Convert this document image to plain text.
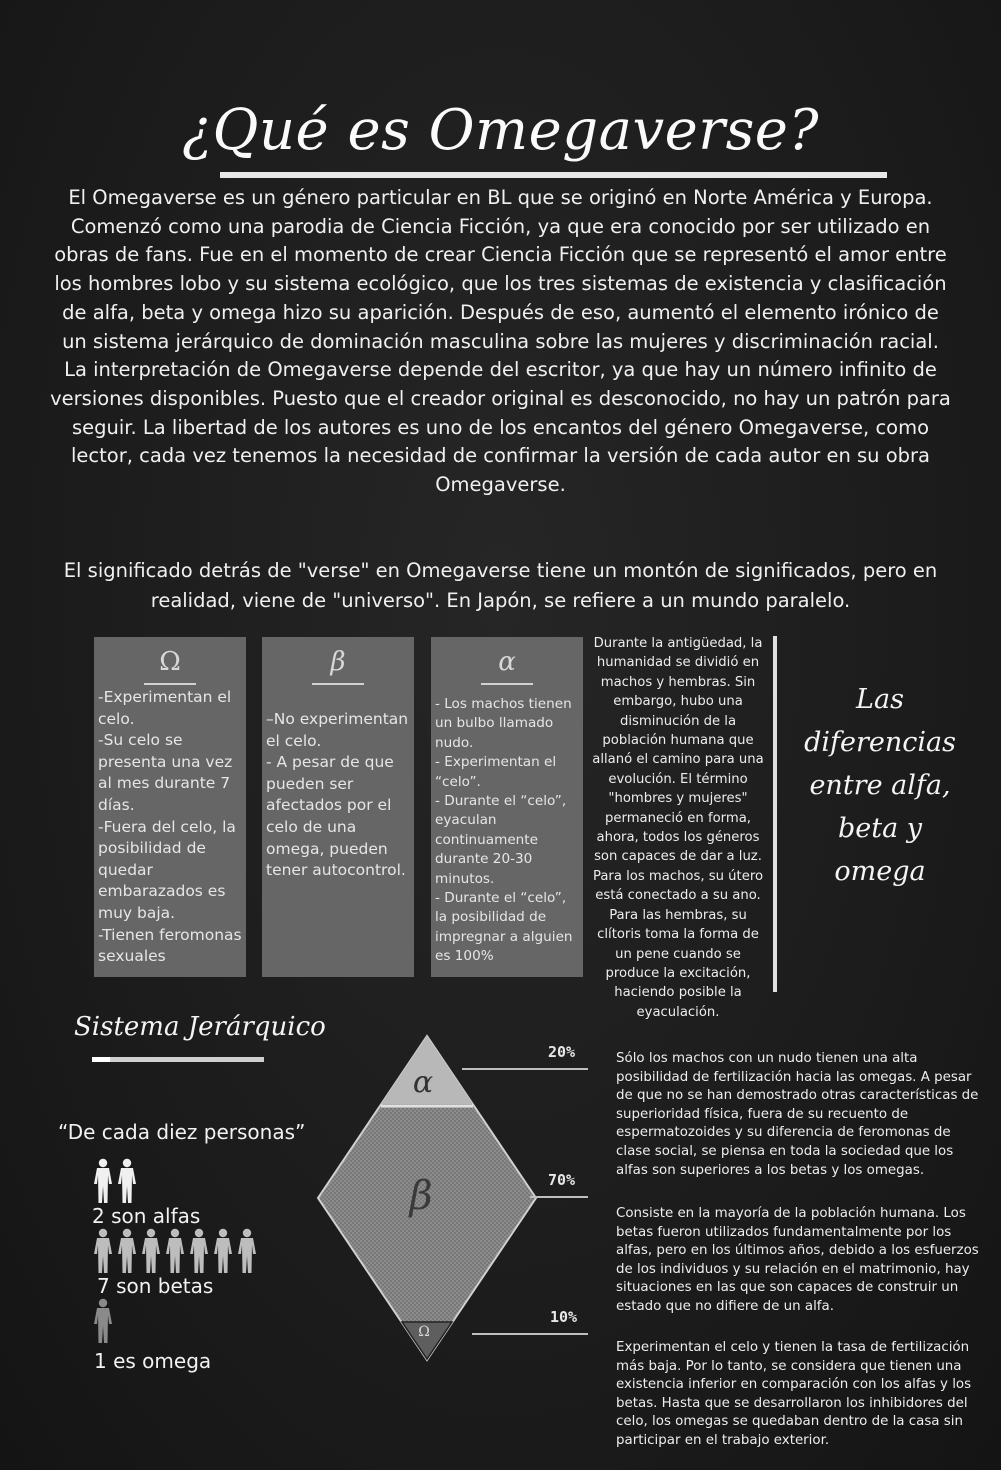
¿Qué es Omegaverse?
El Omegaverse es un género particular en BL que se originó en Norte América y Europa. Comenzó como una parodia de Ciencia Ficción, ya que era conocido por ser utilizado en obras de fans. Fue en el momento de crear Ciencia Ficción que se representó el amor entre los hombres lobo y su sistema ecológico, que los tres sistemas de existencia y clasificación de alfa, beta y omega hizo su aparición. Después de eso, aumentó el elemento irónico de un sistema jerárquico de dominación masculina sobre las mujeres y discriminación racial. La interpretación de Omegaverse depende del escritor, ya que hay un número infinito de versiones disponibles. Puesto que el creador original es desconocido, no hay un patrón para seguir. La libertad de los autores es uno de los encantos del género Omegaverse, como lector, cada vez tenemos la necesidad de confirmar la versión de cada autor en su obra Omegaverse.
El significado detrás de "verse" en Omegaverse tiene un montón de significados, pero en realidad, viene de "universo". En Japón, se refiere a un mundo paralelo.
Ω
-Experimentan el celo.
-Su celo se presenta una vez al mes durante 7 días.
-Fuera del celo, la posibilidad de quedar embarazados es muy baja.
-Tienen feromonas sexuales
β
–No experimentan el celo.
- A pesar de que pueden ser afectados por el celo de una omega, pueden tener autocontrol.
α
- Los machos tienen un bulbo llamado nudo.
- Experimentan el “celo”.
- Durante el “celo”, eyaculan continuamente durante 20-30 minutos.
- Durante el “celo”, la posibilidad de impregnar a alguien es 100%
Durante la antigüedad, la humanidad se dividió en machos y hembras. Sin embargo, hubo una disminución de la población humana que allanó el camino para una evolución. El término "hombres y mujeres" permaneció en forma, ahora, todos los géneros son capaces de dar a luz. Para los machos, su útero está conectado a su ano. Para las hembras, su clítoris toma la forma de un pene cuando se produce la excitación, haciendo posible la eyaculación.
Las
diferencias
entre alfa,
beta y omega
Sistema Jerárquico
“De cada diez personas”
2 son alfas
7 son betas
1 es omega
α
β
Ω
20%
70%
10%
Sólo los machos con un nudo tienen una alta posibilidad de fertilización hacia las omegas. A pesar de que no se han demostrado otras características de superioridad física, fuera de su recuento de espermatozoides y su diferencia de feromonas de clase social, se piensa en toda la sociedad que los alfas son superiores a los betas y los omegas.
Consiste en la mayoría de la población humana. Los betas fueron utilizados fundamentalmente por los alfas, pero en los últimos años, debido a los esfuerzos de los individuos y su relación en el matrimonio, hay situaciones en las que son capaces de construir un estado que no difiere de un alfa.
Experimentan el celo y tienen la tasa de fertilización más baja. Por lo tanto, se considera que tienen una existencia inferior en comparación con los alfas y los betas. Hasta que se desarrollaron los inhibidores del celo, los omegas se quedaban dentro de la casa sin participar en el trabajo exterior.
